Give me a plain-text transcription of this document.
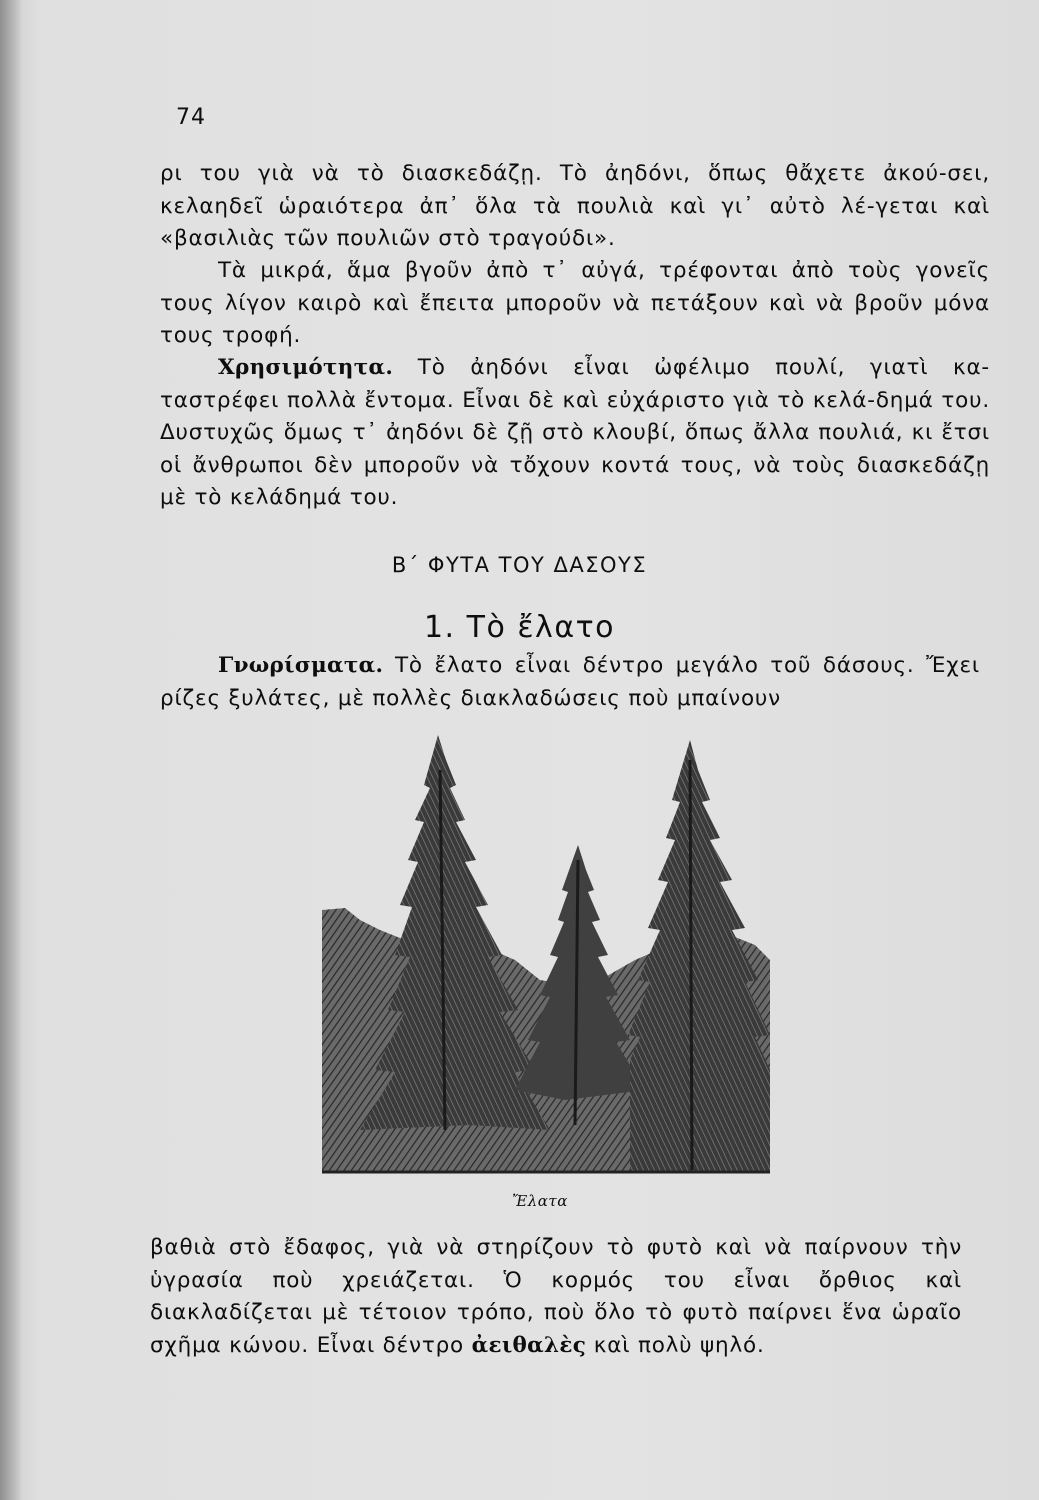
74

ρι του γιὰ νὰ τὸ διασκεδάζῃ. Τὸ ἀηδόνι, ὅπως θἄχετε ἀκού-σει, κελαηδεῖ ὡραιότερα ἀπ᾿ ὅλα τὰ πουλιὰ καὶ γι᾿ αὐτὸ λέ-γεται καὶ «βασιλιὰς τῶν πουλιῶν στὸ τραγούδι».

Τὰ μικρά, ἅμα βγοῦν ἀπὸ τ᾿ αὐγά, τρέφονται ἀπὸ τοὺς γονεῖς τους λίγον καιρὸ καὶ ἔπειτα μποροῦν νὰ πετάξουν καὶ νὰ βροῦν μόνα τους τροφή.

Χρησιμότητα. Τὸ ἀηδόνι εἶναι ὠφέλιμο πουλί, γιατὶ κα-ταστρέφει πολλὰ ἔντομα. Εἶναι δὲ καὶ εὐχάριστο γιὰ τὸ κελά-δημά του. Δυστυχῶς ὅμως τ᾿ ἀηδόνι δὲ ζῇ στὸ κλουβί, ὅπως ἄλλα πουλιά, κι ἔτσι οἱ ἄνθρωποι δὲν μποροῦν νὰ τὄχουν κοντά τους, νὰ τοὺς διασκεδάζῃ μὲ τὸ κελάδημά του.

Β΄ ΦΥΤΑ ΤΟΥ ΔΑΣΟΥΣ
1. Τὸ ἔλατο

Γνωρίσματα. Τὸ ἔλατο εἶναι δέντρο μεγάλο τοῦ δάσους. Ἔχει ρίζες ξυλάτες, μὲ πολλὲς διακλαδώσεις ποὺ μπαίνουν

Ἔλατα

βαθιὰ στὸ ἔδαφος, γιὰ νὰ στηρίζουν τὸ φυτὸ καὶ νὰ παίρνουν τὴν ὑγρασία ποὺ χρειάζεται. Ὁ κορμός του εἶναι ὄρθιος καὶ διακλαδίζεται μὲ τέτοιον τρόπο, ποὺ ὅλο τὸ φυτὸ παίρνει ἕνα ὡραῖο σχῆμα κώνου. Εἶναι δέντρο ἀειθαλὲς καὶ πολὺ ψηλό.
